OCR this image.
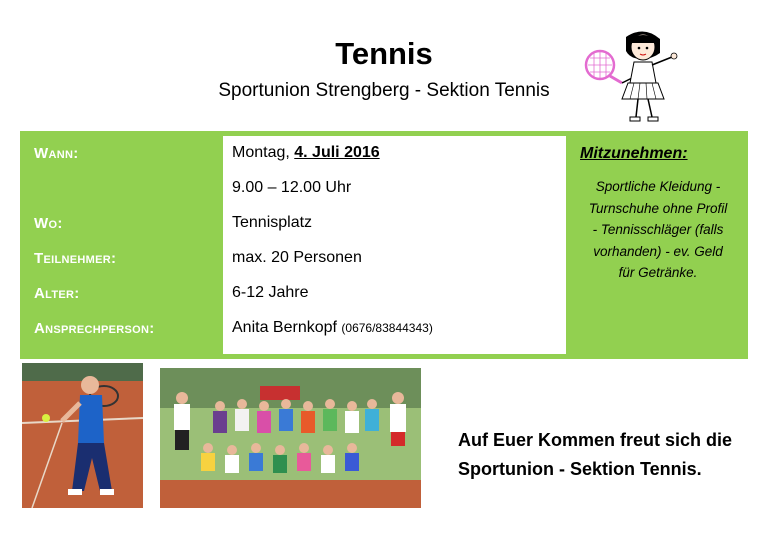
Tennis
Sportunion Strengberg - Sektion Tennis
Wann:
Wo:
Teilnehmer:
Alter:
Ansprechperson:
Montag, 4. Juli 2016
9.00 – 12.00 Uhr
Tennisplatz
max. 20 Personen
6-12 Jahre
Anita Bernkopf (0676/83844343)
Mitzunehmen:
Sportliche Kleidung -
Turnschuhe ohne Profil
- Tennisschläger (falls
vorhanden) - ev. Geld
für Getränke.
Auf Euer Kommen freut sich die
Sportunion - Sektion Tennis.
